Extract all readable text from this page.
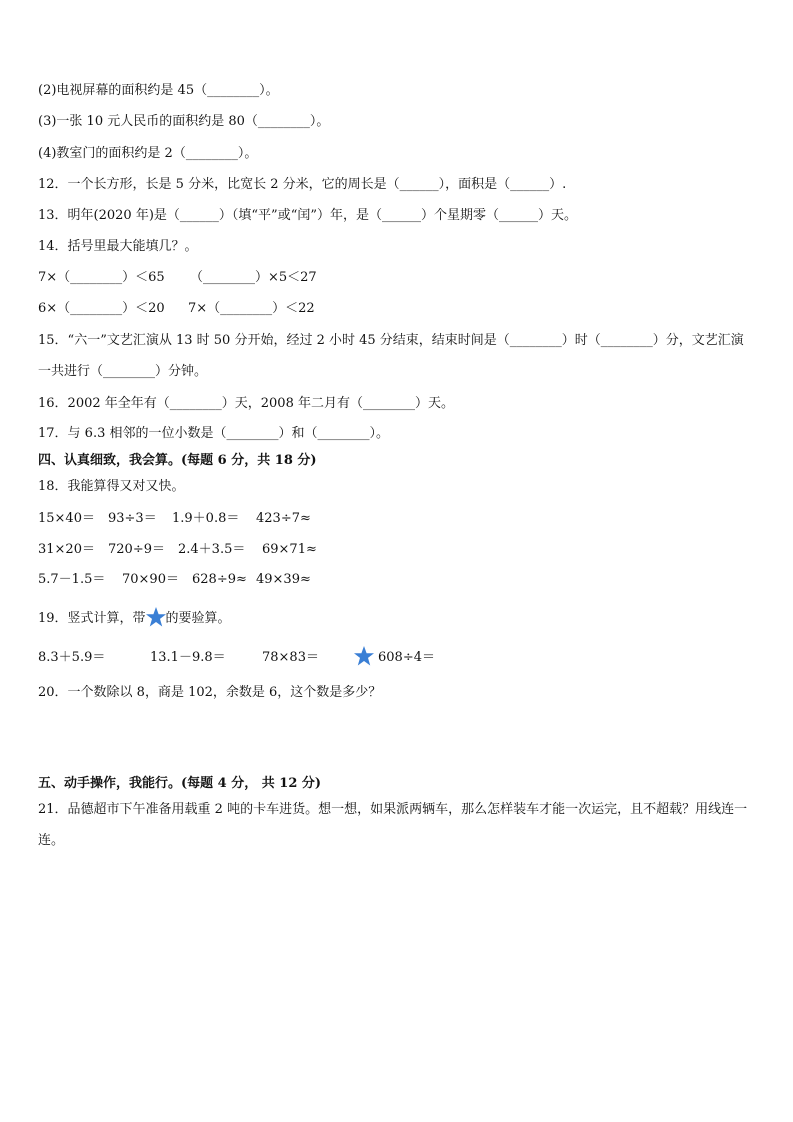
(2)电视屏幕的面积约是 45（________）。
(3)一张 10 元人民币的面积约是 80（________）。
(4)教室门的面积约是 2（________）。
12．一个长方形，长是 5 分米，比宽长 2 分米，它的周长是（______），面积是（______）.
13．明年(2020 年)是（______）（填“平”或“闰”）年，是（______）个星期零（______）天。
14．括号里最大能填几？。
7×（________）＜65 （________）×5＜27
6×（________）＜20 7×（________）＜22
15．“六一”文艺汇演从 13 时 50 分开始，经过 2 小时 45 分结束，结束时间是（________）时（________）分，文艺汇演一共进行（________）分钟。
16．2002 年全年有（________）天，2008 年二月有（________）天。
17．与 6.3 相邻的一位小数是（________）和（________）。
四、认真细致，我会算。(每题 6 分，共 18 分)
18．我能算得又对又快。
15×40＝ 93÷3＝ 1.9＋0.8＝ 423÷7≈
31×20＝ 720÷9＝ 2.4＋3.5＝ 69×71≈
5.7－1.5＝ 70×90＝ 628÷9≈ 49×39≈
19．竖式计算，带 的要验算。
8.3＋5.9＝	13.1－9.8＝	78×83＝	608÷4＝
20．一个数除以 8，商是 102，余数是 6，这个数是多少？
五、动手操作，我能行。(每题 4 分， 共 12 分)
21．品德超市下午准备用载重 2 吨的卡车进货。想一想，如果派两辆车，那么怎样装车才能一次运完，且不超载？用线连一连。
